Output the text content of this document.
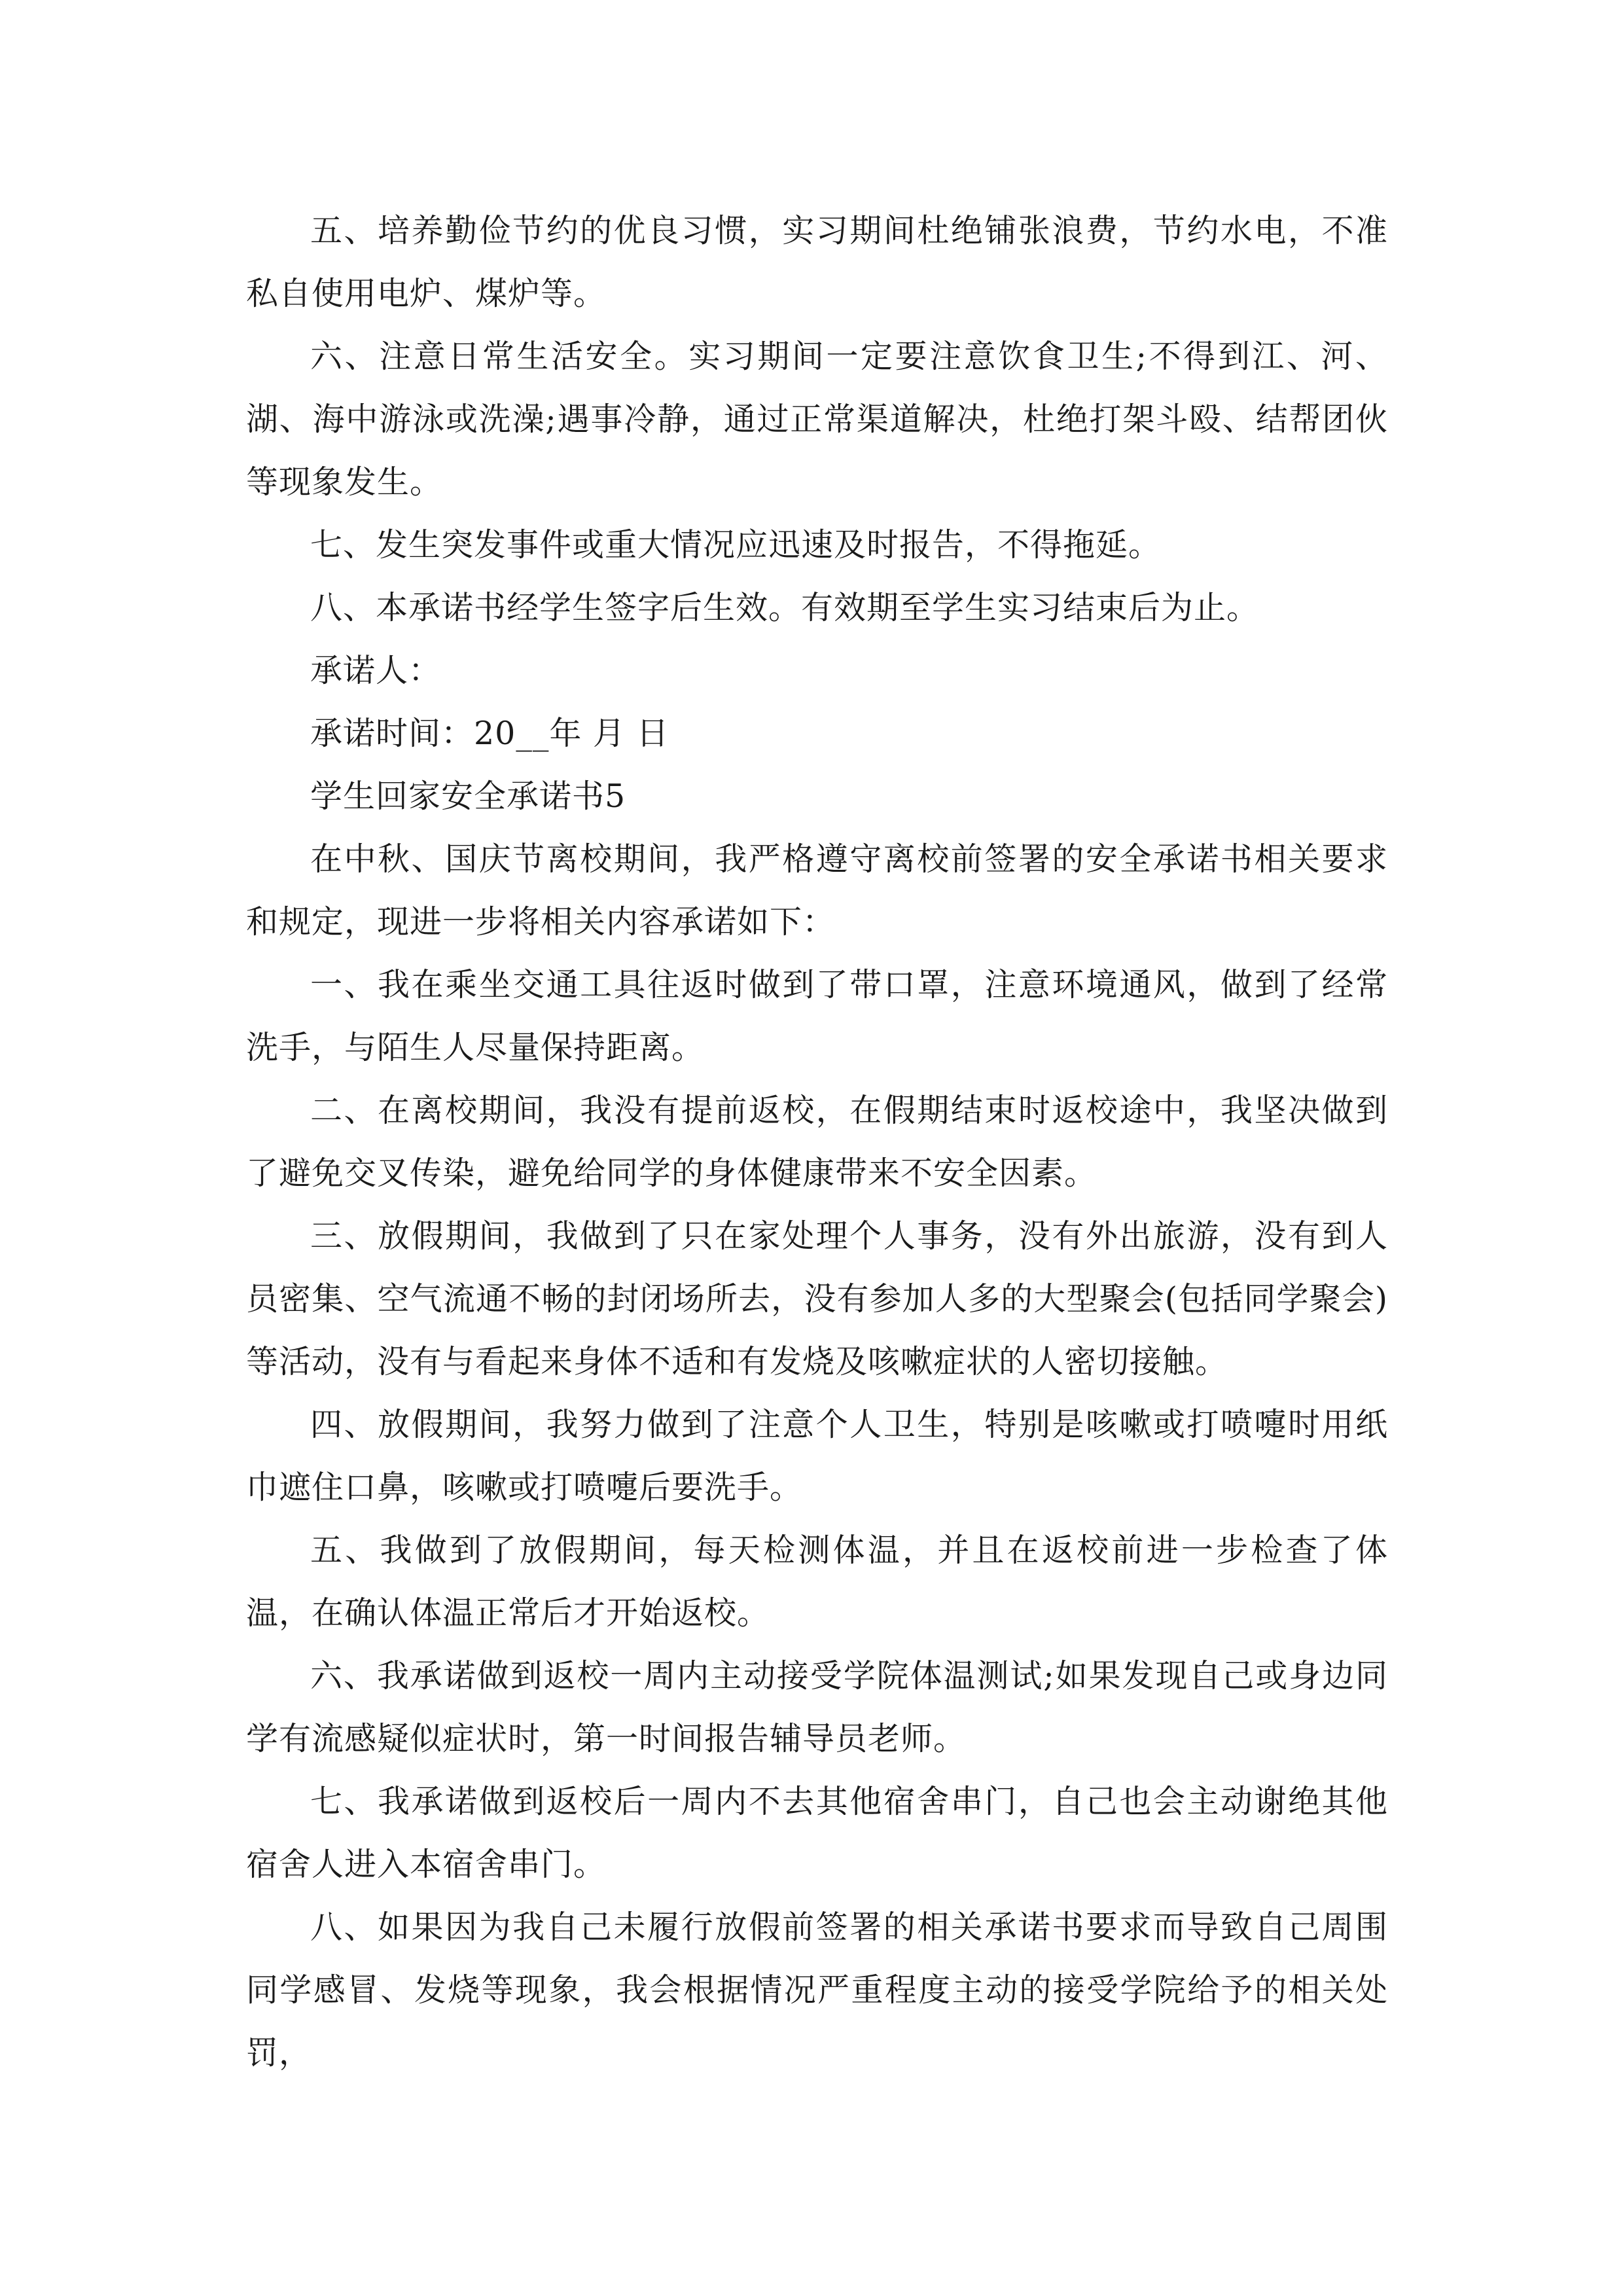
五、培养勤俭节约的优良习惯，实习期间杜绝铺张浪费，节约水电，不准私自使用电炉、煤炉等。

六、注意日常生活安全。实习期间一定要注意饮食卫生;不得到江、河、湖、海中游泳或洗澡;遇事冷静，通过正常渠道解决，杜绝打架斗殴、结帮团伙等现象发生。

七、发生突发事件或重大情况应迅速及时报告，不得拖延。

八、本承诺书经学生签字后生效。有效期至学生实习结束后为止。

承诺人：

承诺时间：20__年 月 日

学生回家安全承诺书5

在中秋、国庆节离校期间，我严格遵守离校前签署的安全承诺书相关要求和规定，现进一步将相关内容承诺如下：

一、我在乘坐交通工具往返时做到了带口罩，注意环境通风，做到了经常洗手，与陌生人尽量保持距离。

二、在离校期间，我没有提前返校，在假期结束时返校途中，我坚决做到了避免交叉传染，避免给同学的身体健康带来不安全因素。

三、放假期间，我做到了只在家处理个人事务，没有外出旅游，没有到人员密集、空气流通不畅的封闭场所去，没有参加人多的大型聚会(包括同学聚会)等活动，没有与看起来身体不适和有发烧及咳嗽症状的人密切接触。

四、放假期间，我努力做到了注意个人卫生，特别是咳嗽或打喷嚏时用纸巾遮住口鼻，咳嗽或打喷嚏后要洗手。

五、我做到了放假期间，每天检测体温，并且在返校前进一步检查了体温，在确认体温正常后才开始返校。

六、我承诺做到返校一周内主动接受学院体温测试;如果发现自己或身边同学有流感疑似症状时，第一时间报告辅导员老师。

七、我承诺做到返校后一周内不去其他宿舍串门，自己也会主动谢绝其他宿舍人进入本宿舍串门。

八、如果因为我自己未履行放假前签署的相关承诺书要求而导致自己周围同学感冒、发烧等现象，我会根据情况严重程度主动的接受学院给予的相关处罚，
